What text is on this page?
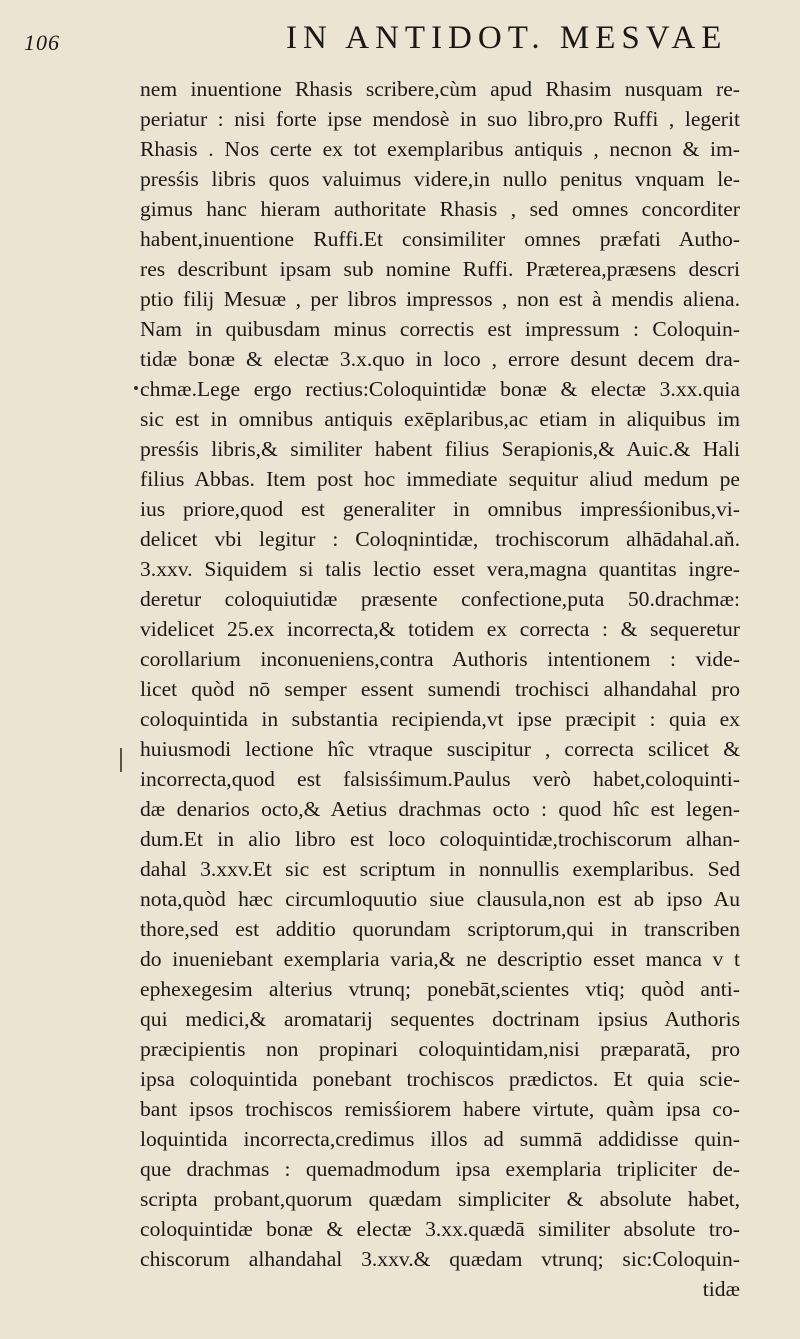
106	IN ANTIDOT. MESVAE
nem inuentione Rhasis scribere,cùm apud Rhasim nusquam re-
periatur : nisi forte ipse mendosè in suo libro,pro Ruffi , legerit
Rhasis . Nos certe ex tot exemplaribus antiquis , necnon & im-
presśis libris quos valuimus videre,in nullo penitus vnquam le-
gimus hanc hieram authoritate Rhasis , sed omnes concorditer
habent,inuentione Ruffi.Et consimiliter omnes præfati Autho-
res describunt ipsam sub nomine Ruffi. Præterea,præsens descri
ptio filij Mesuæ , per libros impressos , non est à mendis aliena.
Nam in quibusdam minus correctis est impressum : Coloquin-
tidæ bonæ & electæ 3.x.quo in loco , errore desunt decem dra-
chmæ.Lege ergo rectius:Coloquintidæ bonæ & electæ 3.xx.quia
sic est in omnibus antiquis exēplaribus,ac etiam in aliquibus im
presśis libris,& similiter habent filius Serapionis,& Auic.& Hali
filius Abbas. Item post hoc immediate sequitur aliud medum pe
ius priore,quod est generaliter in omnibus impresśionibus,vi-
delicet vbi legitur : Coloqnintidæ, trochiscorum alhādahal.aň.
3.xxv. Siquidem si talis lectio esset vera,magna quantitas ingre-
deretur coloquiutidæ præsente confectione,puta 50.drachmæ:
videlicet 25.ex incorrecta,& totidem ex correcta : & sequeretur
corollarium inconueniens,contra Authoris intentionem : vide-
licet quòd nō semper essent sumendi trochisci alhandahal pro
coloquintida in substantia recipienda,vt ipse præcipit : quia ex
huiusmodi lectione hîc vtraque suscipitur , correcta scilicet &
incorrecta,quod est falsisśimum.Paulus verò habet,coloquinti-
dæ denarios octo,& Aetius drachmas octo : quod hîc est legen-
dum.Et in alio libro est loco coloquintidæ,trochiscorum alhan-
dahal 3.xxv.Et sic est scriptum in nonnullis exemplaribus. Sed
nota,quòd hæc circumloquutio siue clausula,non est ab ipso Au
thore,sed est additio quorundam scriptorum,qui in transcriben
do inueniebant exemplaria varia,& ne descriptio esset manca v t
ephexegesim alterius vtrunq; ponebāt,scientes vtiq; quòd anti-
qui medici,& aromatarij sequentes doctrinam ipsius Authoris
præcipientis non propinari coloquintidam,nisi præparatā, pro
ipsa coloquintida ponebant trochiscos prædictos. Et quia scie-
bant ipsos trochiscos remisśiorem habere virtute, quàm ipsa co-
loquintida incorrecta,credimus illos ad summā addidisse quin-
que drachmas : quemadmodum ipsa exemplaria tripliciter de-
scripta probant,quorum quædam simpliciter & absolute habet,
coloquintidæ bonæ & electæ 3.xx.quædā similiter absolute tro-
chiscorum alhandahal 3.xxv.& quædam vtrunq; sic:Coloquin-
tidæ
